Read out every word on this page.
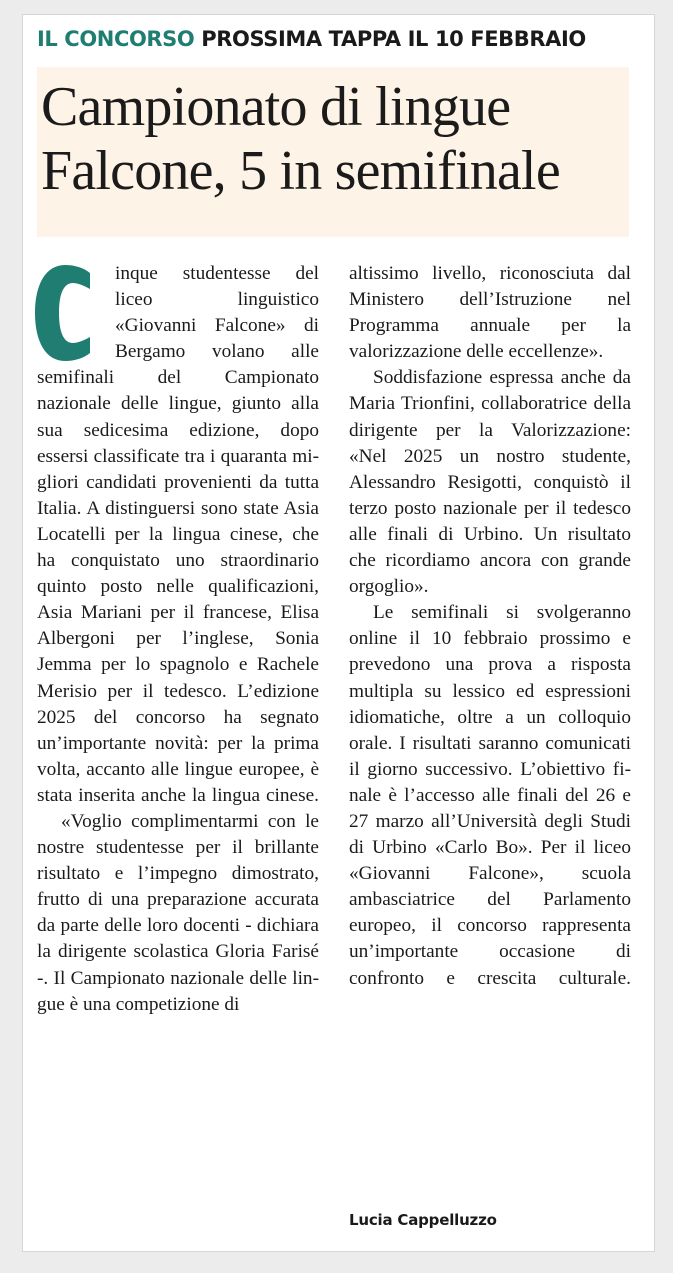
IL CONCORSO PROSSIMA TAPPA IL 10 FEBBRAIO
Campionato di lingue
Falcone, 5 in semifinale

inque studentesse del liceo linguistico «Giovanni Falcone» di Bergamo volano alle semifinali del Campionato nazionale delle lingue, giunto alla sua sedicesima edizione, dopo essersi classificate tra i quaranta migliori candidati provenienti da tutta Italia. A distinguersi sono state Asia Locatelli per la lingua cinese, che ha conquistato uno straordinario quinto posto nelle qualificazioni, Asia Mariani per il francese, Elisa Albergoni per l’inglese, Sonia Jemma per lo spagnolo e Rachele Merisio per il tedesco. L’edizione 2025 del concorso ha segnato un’importante novità: per la prima volta, accanto alle lingue europee, è stata inserita anche la lingua cinese.

«Voglio complimentarmi con le nostre studentesse per il brillante risultato e l’impegno dimostrato, frutto di una preparazione accurata da parte delle loro docenti - dichiara la dirigente scolastica Gloria Farisé -. Il Campionato nazionale delle lingue è una competizione di

altissimo livello, riconosciuta dal Ministero dell’Istruzione nel Programma annuale per la valorizzazione delle eccellenze».

Soddisfazione espressa anche da Maria Trionfini, collaboratrice della dirigente per la Valorizzazione: «Nel 2025 un nostro studente, Alessandro Resigotti, conquistò il terzo posto nazionale per il tedesco alle finali di Urbino. Un risultato che ricordiamo ancora con grande orgoglio».

Le semifinali si svolgeranno online il 10 febbraio prossimo e prevedono una prova a risposta multipla su lessico ed espressioni idiomatiche, oltre a un colloquio orale. I risultati saranno comunicati il giorno successivo. L’obiettivo finale è l’accesso alle finali del 26 e 27 marzo all’Università degli Studi di Urbino «Carlo Bo». Per il liceo «Giovanni Falcone», scuola ambasciatrice del Parlamento europeo, il concorso rappresenta un’importante occasione di confronto e crescita culturale.

Lucia Cappelluzzo
